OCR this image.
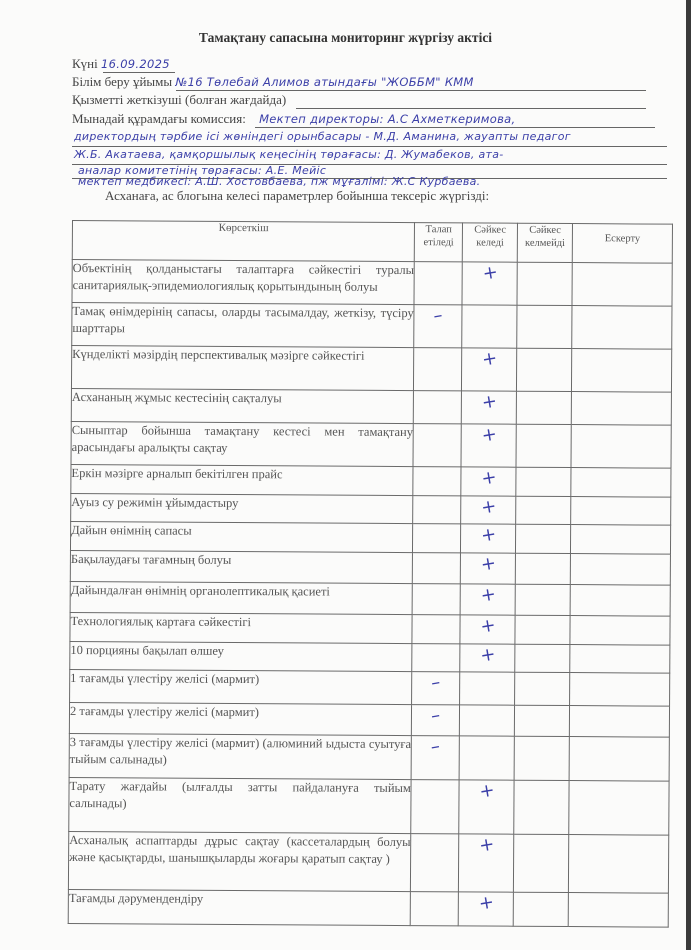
Тамақтану сапасына мониторинг жүргізу актісі
Күні 16.09.2025
Білім беру ұйымы №16 Төлебай Алимов атындағы "ЖОББМ" КММ
Қызметті жеткізуші (болған жағдайда)
Мынадай құрамдағы комиссия: Мектеп директоры: А.С Ахметкеримова,
директордың тәрбие ісі жөніндегі орынбасары - М.Д. Аманина, жауапты педагог
Ж.Б. Акатаева, қамқоршылық кеңесінің төрағасы: Д. Жумабеков, ата-
аналар комитетінің төрағасы: А.Е. Мейіс
мектеп медбикесі: А.Ш. Хостовбаева, пж мұғалімі: Ж.С Курбаева.
Асханаға, ас блогына келесі параметрлер бойынша тексеріс жүргізді:
Көрсеткіш	Талап етіледі	Сәйкес келеді	Сәйкес келмейді	Ескерту
Объектінің қолданыстағы талаптарға сәйкестігі туралы санитариялық-эпидемиологиялық қорытындының болуы		+		
Тамақ өнімдерінің сапасы, оларды тасымалдау, жеткізу, түсіру шарттары	–			
Күнделікті мәзірдің перспективалық мәзірге сәйкестігі		+		
Асхананың жұмыс кестесінің сақталуы		+		
Сыныптар бойынша тамақтану кестесі мен тамақтану арасындағы аралықты сақтау		+		
Еркін мәзірге арналып бекітілген прайс		+		
Ауыз су режимін ұйымдастыру		+		
Дайын өнімнің сапасы		+		
Бақылаудағы тағамның болуы		+		
Дайындалған өнімнің органолептикалық қасиеті		+		
Технологиялық картаға сәйкестігі		+		
10 порцияны бақылап өлшеу		+		
1 тағамды үлестіру желісі (мармит)	–			
2 тағамды үлестіру желісі (мармит)	–			
3 тағамды үлестіру желісі (мармит) (алюминий ыдыста суытуға тыйым салынады)	–			
Тарату жағдайы (ылғалды затты пайдалануға тыйым салынады)		+		
Асханалық аспаптарды дұрыс сақтау (кассеталардың болуы және қасықтарды, шанышқыларды жоғары қаратып сақтау )		+		
Тағамды дәрумендендіру		+		
